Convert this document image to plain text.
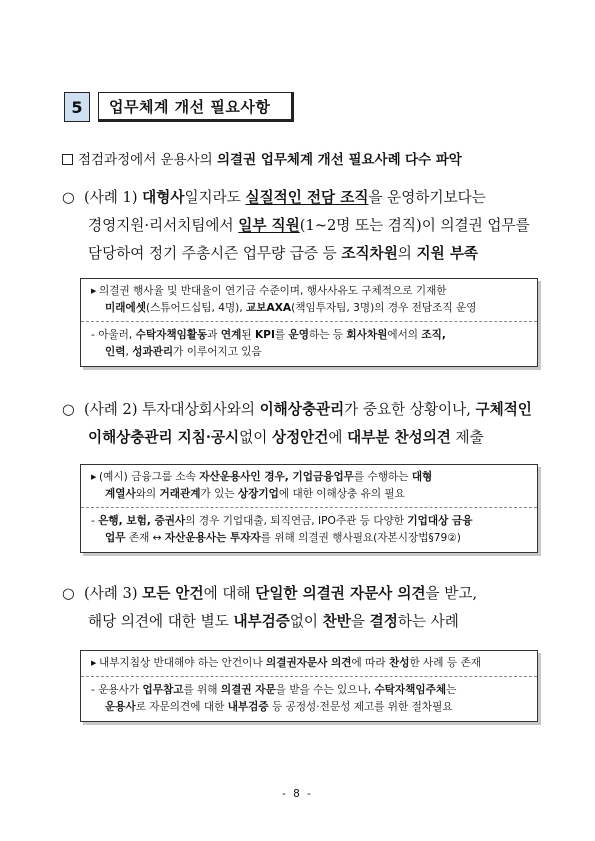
5	업무체계 개선 필요사항
점검과정에서 운용사의 의결권 업무체계 개선 필요사례 다수 파악
○ (사례 1) 대형사일지라도 실질적인 전담 조직을 운영하기보다는
경영지원·리서치팀에서 일부 직원(1~2명 또는 겸직)이 의결권 업무를
담당하여 정기 주총시즌 업무량 급증 등 조직차원의 지원 부족
▶ 의결권 행사율 및 반대율이 연기금 수준이며, 행사사유도 구체적으로 기재한
미래에셋(스튜어드십팀, 4명), 교보AXA(책임투자팀, 3명)의 경우 전담조직 운영
- 아울러, 수탁자책임활동과 연계된 KPI를 운영하는 등 회사차원에서의 조직,
인력, 성과관리가 이루어지고 있음
○ (사례 2) 투자대상회사와의 이해상충관리가 중요한 상황이나, 구체적인
이해상충관리 지침·공시없이 상정안건에 대부분 찬성의견 제출
▶ (예시) 금융그룹 소속 자산운용사인 경우, 기업금융업무를 수행하는 대형
계열사와의 거래관계가 있는 상장기업에 대한 이해상충 유의 필요
- 은행, 보험, 증권사의 경우 기업대출, 퇴직연금, IPO주관 등 다양한 기업대상 금융
업무 존재 ↔ 자산운용사는 투자자를 위해 의결권 행사필요(자본시장법§79②)
○ (사례 3) 모든 안건에 대해 단일한 의결권 자문사 의견을 받고,
해당 의견에 대한 별도 내부검증없이 찬반을 결정하는 사례
▶ 내부지침상 반대해야 하는 안건이나 의결권자문사 의견에 따라 찬성한 사례 등 존재
- 운용사가 업무참고를 위해 의결권 자문을 받을 수는 있으나, 수탁자책임주체는
운용사로 자문의견에 대한 내부검증 등 공정성·전문성 제고를 위한 절차필요
- 8 -
